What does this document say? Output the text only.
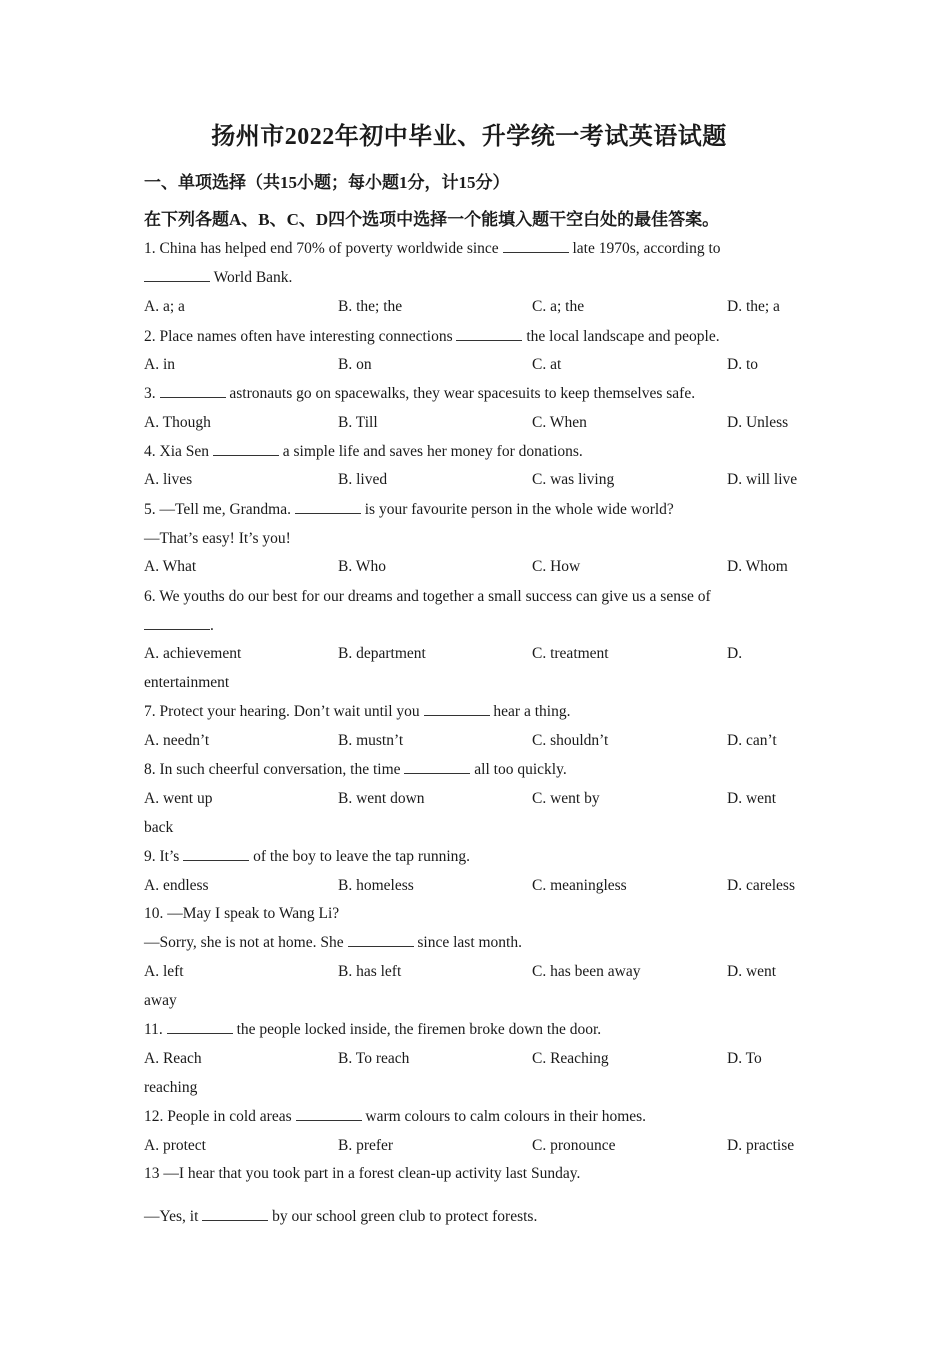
扬州市2022年初中毕业、升学统一考试英语试题
一、单项选择（共15小题；每小题1分，计15分）
在下列各题A、B、C、D四个选项中选择一个能填入题干空白处的最佳答案。
1. China has helped end 70% of poverty worldwide since	late 1970s, according to
World Bank.
A. a; a	B. the; the	C. a; the	D. the; a
2. Place names often have interesting connections	the local landscape and people.
A. in	B. on	C. at	D. to
3.	astronauts go on spacewalks, they wear spacesuits to keep themselves safe.
A. Though	B. Till	C. When	D. Unless
4. Xia Sen	a simple life and saves her money for donations.
A. lives	B. lived	C. was living	D. will live
5. —Tell me, Grandma.	is your favourite person in the whole wide world?
—That’s easy! It’s you!
A. What	B. Who	C. How	D. Whom
6. We youths do our best for our dreams and together a small success can give us a sense of
.
A. achievement	B. department	C. treatment	D.
entertainment
7. Protect your hearing. Don’t wait until you	hear a thing.
A. needn’t	B. mustn’t	C. shouldn’t	D. can’t
8. In such cheerful conversation, the time	all too quickly.
A. went up	B. went down	C. went by	D. went
back
9. It’s	of the boy to leave the tap running.
A. endless	B. homeless	C. meaningless	D. careless
10. —May I speak to Wang Li?
—Sorry, she is not at home. She	since last month.
A. left	B. has left	C. has been away	D. went
away
11.	the people locked inside, the firemen broke down the door.
A. Reach	B. To reach	C. Reaching	D. To
reaching
12. People in cold areas	warm colours to calm colours in their homes.
A. protect	B. prefer	C. pronounce	D. practise
13 —I hear that you took part in a forest clean-up activity last Sunday.
—Yes, it	by our school green club to protect forests.
